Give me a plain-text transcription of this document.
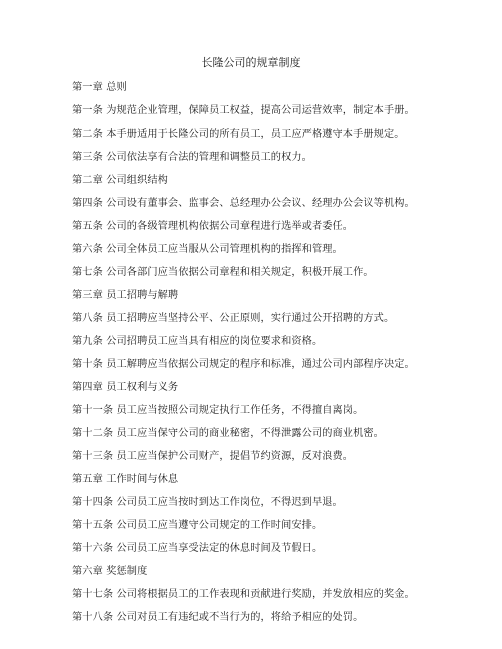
长隆公司的规章制度
第一章 总则
第一条 为规范企业管理，保障员工权益，提高公司运营效率，制定本手册。
第二条 本手册适用于长隆公司的所有员工，员工应严格遵守本手册规定。
第三条 公司依法享有合法的管理和调整员工的权力。
第二章 公司组织结构
第四条 公司设有董事会、监事会、总经理办公会议、经理办公会议等机构。
第五条 公司的各级管理机构依据公司章程进行选举或者委任。
第六条 公司全体员工应当服从公司管理机构的指挥和管理。
第七条 公司各部门应当依据公司章程和相关规定，积极开展工作。
第三章 员工招聘与解聘
第八条 员工招聘应当坚持公平、公正原则，实行通过公开招聘的方式。
第九条 公司招聘员工应当具有相应的岗位要求和资格。
第十条 员工解聘应当依据公司规定的程序和标准，通过公司内部程序决定。
第四章 员工权利与义务
第十一条 员工应当按照公司规定执行工作任务，不得擅自离岗。
第十二条 员工应当保守公司的商业秘密，不得泄露公司的商业机密。
第十三条 员工应当保护公司财产，提倡节约资源，反对浪费。
第五章 工作时间与休息
第十四条 公司员工应当按时到达工作岗位，不得迟到早退。
第十五条 公司员工应当遵守公司规定的工作时间安排。
第十六条 公司员工应当享受法定的休息时间及节假日。
第六章 奖惩制度
第十七条 公司将根据员工的工作表现和贡献进行奖励，并发放相应的奖金。
第十八条 公司对员工有违纪或不当行为的，将给予相应的处罚。
